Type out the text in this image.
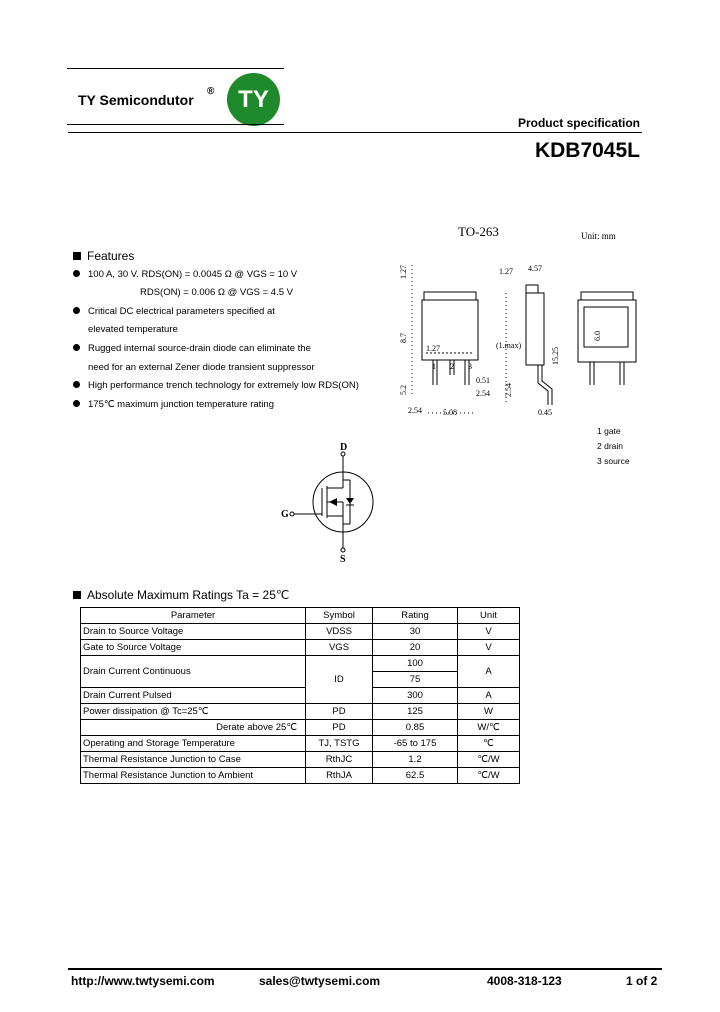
TY Semicondutor
® TY
Product specification
KDB7045L
Features
100 A, 30 V. RDS(ON) = 0.0045 Ω @ VGS = 10 V
RDS(ON) = 0.006 Ω @ VGS = 4.5 V
Critical DC electrical parameters specified at
elevated temperature
Rugged internal source-drain diode can eliminate the
need for an external Zener diode transient suppressor
High performance trench technology for extremely low RDS(ON)
175℃ maximum junction temperature rating
TO-263	Unit: mm
1.27	1.27 4.57
8.7
1.27	(1.max)
15.25
6.0
5.2
0.51
2.54
2.54	5.08
2.54
0.45
1 2 3
1 gate
2 drain
3 source
D
G
S
Absolute Maximum Ratings Ta = 25℃
Parameter	Symbol	Rating	Unit
Drain to Source Voltage	VDSS	30	V
Gate to Source Voltage	VGS	20	V
Drain Current Continuous	ID	100	A
		75	
Drain Current Pulsed		300	A
Power dissipation @ Tc=25℃	PD	125	W
Derate above 25℃	PD	0.85	W/℃
Operating and Storage Temperature	TJ, TSTG	-65 to 175	℃
Thermal Resistance Junction to Case	RthJC	1.2	℃/W
Thermal Resistance Junction to Ambient	RthJA	62.5	℃/W
http://www.twtysemi.com	sales@twtysemi.com	4008-318-123	1 of 2
